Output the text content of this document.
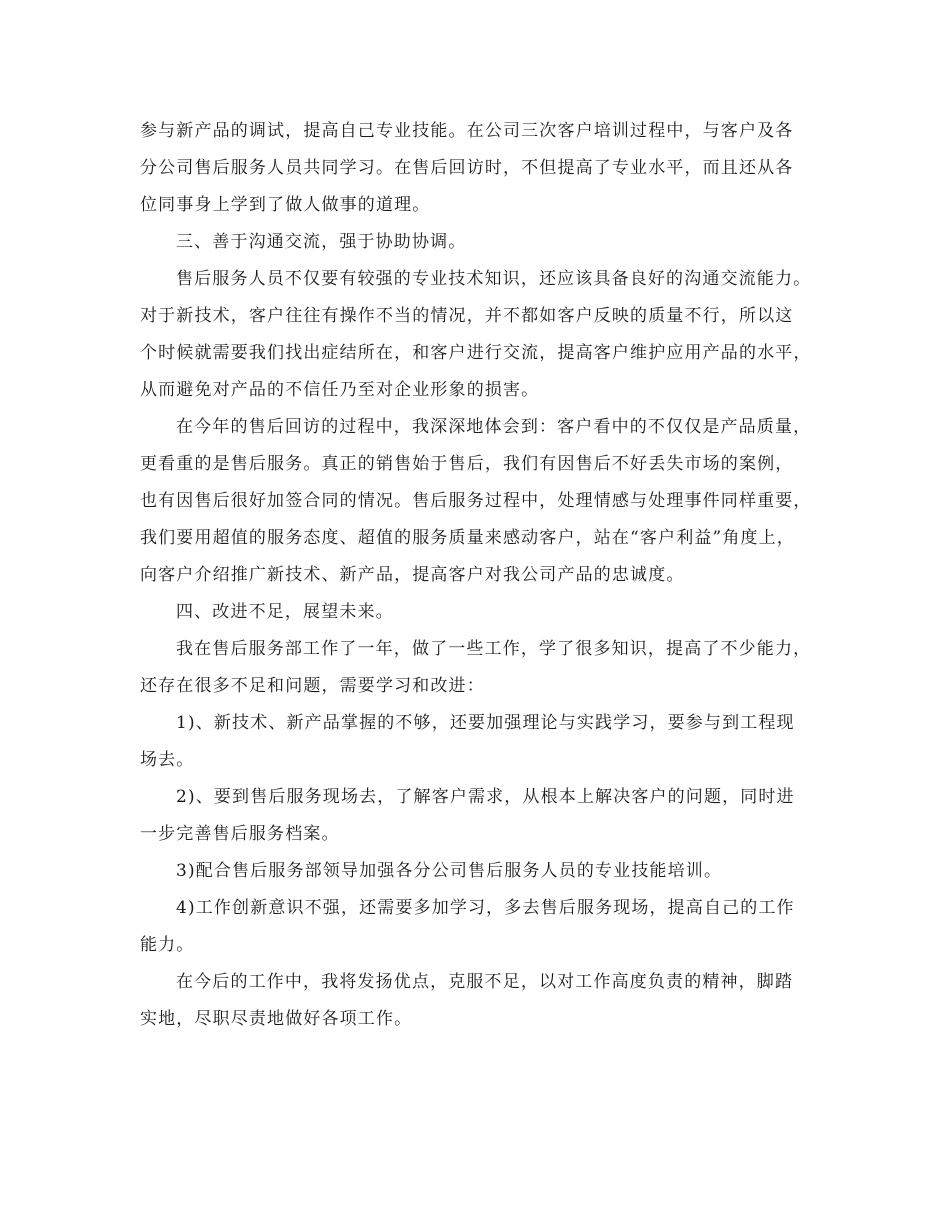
参与新产品的调试，提高自己专业技能。在公司三次客户培训过程中，与客户及各
分公司售后服务人员共同学习。在售后回访时，不但提高了专业水平，而且还从各
位同事身上学到了做人做事的道理。
三、善于沟通交流，强于协助协调。
售后服务人员不仅要有较强的专业技术知识，还应该具备良好的沟通交流能力。
对于新技术，客户往往有操作不当的情况，并不都如客户反映的质量不行，所以这
个时候就需要我们找出症结所在，和客户进行交流，提高客户维护应用产品的水平，
从而避免对产品的不信任乃至对企业形象的损害。
在今年的售后回访的过程中，我深深地体会到：客户看中的不仅仅是产品质量，
更看重的是售后服务。真正的销售始于售后，我们有因售后不好丢失市场的案例，
也有因售后很好加签合同的情况。售后服务过程中，处理情感与处理事件同样重要，
我们要用超值的服务态度、超值的服务质量来感动客户，站在“客户利益”角度上，
向客户介绍推广新技术、新产品，提高客户对我公司产品的忠诚度。
四、改进不足，展望未来。
我在售后服务部工作了一年，做了一些工作，学了很多知识，提高了不少能力，
还存在很多不足和问题，需要学习和改进：
1)、新技术、新产品掌握的不够，还要加强理论与实践学习，要参与到工程现
场去。
2)、要到售后服务现场去，了解客户需求，从根本上解决客户的问题，同时进
一步完善售后服务档案。
3)配合售后服务部领导加强各分公司售后服务人员的专业技能培训。
4)工作创新意识不强，还需要多加学习，多去售后服务现场，提高自己的工作
能力。
在今后的工作中，我将发扬优点，克服不足，以对工作高度负责的精神，脚踏
实地，尽职尽责地做好各项工作。
